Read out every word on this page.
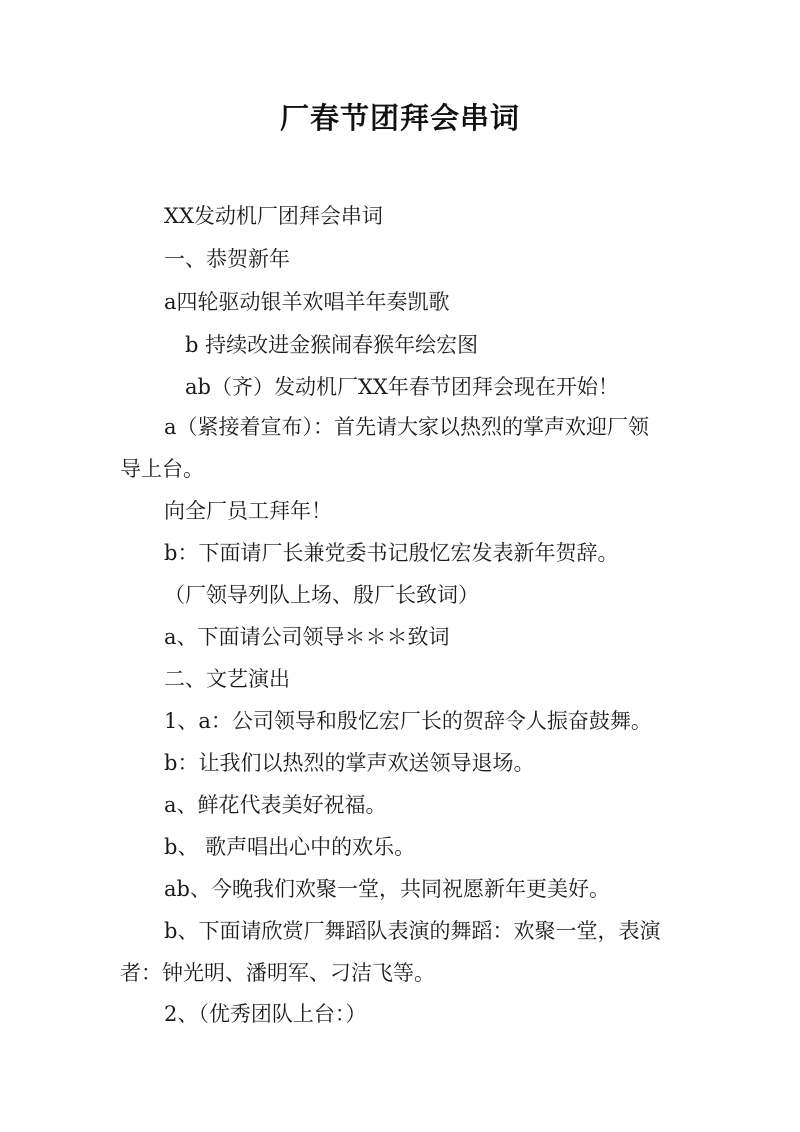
厂春节团拜会串词
XX发动机厂团拜会串词
一、恭贺新年
a四轮驱动银羊欢唱羊年奏凯歌
b 持续改进金猴闹春猴年绘宏图
ab（齐）发动机厂XX年春节团拜会现在开始！
a（紧接着宣布）：首先请大家以热烈的掌声欢迎厂领
导上台。
向全厂员工拜年！
b：下面请厂长兼党委书记殷忆宏发表新年贺辞。
（厂领导列队上场、殷厂长致词）
a、下面请公司领导＊＊＊致词
二、文艺演出
1、a：公司领导和殷忆宏厂长的贺辞令人振奋鼓舞。
b：让我们以热烈的掌声欢送领导退场。
a、鲜花代表美好祝福。
b、 歌声唱出心中的欢乐。
ab、今晚我们欢聚一堂，共同祝愿新年更美好。
b、下面请欣赏厂舞蹈队表演的舞蹈：欢聚一堂，表演
者：钟光明、潘明军、刁洁飞等。
2、（优秀团队上台：）
